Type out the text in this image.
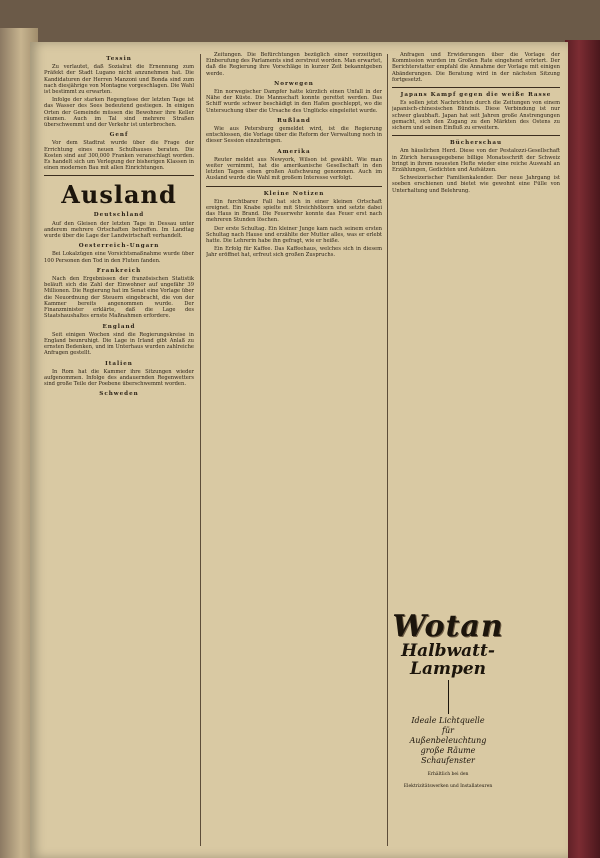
Tessin

Zu verlautet, daß Sozialrat die Ernennung zum Präfekt der Stadt Lugano nicht anzunehmen hat. Die Kandidaturen der Herren Manzoni und Bonda sind zum nach diesjährige von Montagne vorgeschlagen. Die Wahl ist bestimmt zu erwarten.

Infolge der starken Regengüsse der letzten Tage ist das Wasser des Sees bedeutend gestiegen. In einigen Orten der Gemeinde müssen die Bewohner ihre Keller räumen. Auch im Tal sind mehrere Straßen überschwemmt und der Verkehr ist unterbrochen.

Genf

Vor dem Stadtrat wurde über die Frage der Errichtung eines neuen Schulhauses beraten. Die Kosten sind auf 300,000 Franken veranschlagt worden. Es handelt sich um Verlegung der bisherigen Klassen in einen modernen Bau mit allen Einrichtungen.

Ausland
Deutschland

Auf den Gleisen der letzten Tage in Dessau unter anderem mehrere Ortschaften betroffen. Im Landtag wurde über die Lage der Landwirtschaft verhandelt.

Oesterreich-Ungarn

Bei Lokalzügen eine Vorsichtsmaßnahme wurde über 100 Personen den Tod in den Fluten fanden.

Frankreich

Nach den Ergebnissen der französischen Statistik beläuft sich die Zahl der Einwohner auf ungefähr 39 Millionen. Die Regierung hat im Senat eine Vorlage über die Neuordnung der Steuern eingebracht, die von der Kammer bereits angenommen wurde. Der Finanzminister erklärte, daß die Lage des Staatshaushaltes ernste Maßnahmen erfordere.

England

Seit einigen Wochen sind die Regierungskreise in England beunruhigt. Die Lage in Irland gibt Anlaß zu ernsten Bedenken, und im Unterhaus wurden zahlreiche Anfragen gestellt.

Italien

In Rom hat die Kammer ihre Sitzungen wieder aufgenommen. Infolge des andauernden Regenwetters sind große Teile der Poebene überschwemmt worden.

Schweden

Zeitungen. Die Befürchtungen bezüglich einer vorzeitigen Einberufung des Parlaments sind zerstreut worden. Man erwartet, daß die Regierung ihre Vorschläge in kurzer Zeit bekanntgeben werde.

Norwegen

Ein norwegischer Dampfer hatte kürzlich einen Unfall in der Nähe der Küste. Die Mannschaft konnte gerettet werden. Das Schiff wurde schwer beschädigt in den Hafen geschleppt, wo die Untersuchung über die Ursache des Unglücks eingeleitet wurde.

Rußland

Wie aus Petersburg gemeldet wird, ist die Regierung entschlossen, die Vorlage über die Reform der Verwaltung noch in dieser Session einzubringen.

Amerika

Reuter meldet aus Newyork, Wilson ist gewählt. Wie man weiter vernimmt, hat die amerikanische Gesellschaft in den letzten Tagen einen großen Aufschwung genommen. Auch im Ausland wurde die Wahl mit großem Interesse verfolgt.

Kleine Notizen

Ein furchtbarer Fall hat sich in einer kleinen Ortschaft ereignet. Ein Knabe spielte mit Streichhölzern und setzte dabei das Haus in Brand. Die Feuerwehr konnte das Feuer erst nach mehreren Stunden löschen.

Der erste Schultag. Ein kleiner Junge kam nach seinem ersten Schultag nach Hause und erzählte der Mutter alles, was er erlebt hatte. Die Lehrerin habe ihn gefragt, wie er heiße.

Ein Erfolg für Kaffee. Das Kaffeehaus, welches sich in diesem Jahr eröffnet hat, erfreut sich großen Zuspruchs.

Anfragen und Erwiderungen über die Vorlage der Kommission wurden im Großen Rate eingehend erörtert. Der Berichterstatter empfahl die Annahme der Vorlage mit einigen Abänderungen. Die Beratung wird in der nächsten Sitzung fortgesetzt.

Japans Kampf gegen die weiße Rasse

Es sollen jetzt Nachrichten durch die Zeitungen von einem japanisch-chinesischen Bündnis. Diese Verbindung ist nur schwer glaubhaft. Japan hat seit Jahren große Anstrengungen gemacht, sich den Zugang zu den Märkten des Ostens zu sichern und seinen Einfluß zu erweitern.

Bücherschau

Am häuslichen Herd. Diese von der Pestalozzi-Gesellschaft in Zürich herausgegebene billige Monatsschrift der Schweiz bringt in ihrem neuesten Hefte wieder eine reiche Auswahl an Erzählungen, Gedichten und Aufsätzen.

Schweizerischer Familienkalender. Der neue Jahrgang ist soeben erschienen und bietet wie gewohnt eine Fülle von Unterhaltung und Belehrung.

Wotan
Halbwatt-
Lampen
Ideale Lichtquelle
für
Außenbeleuchtung
große Räume
Schaufenster
Erhältlich bei den
Elektrizitätswerken und Installateuren
